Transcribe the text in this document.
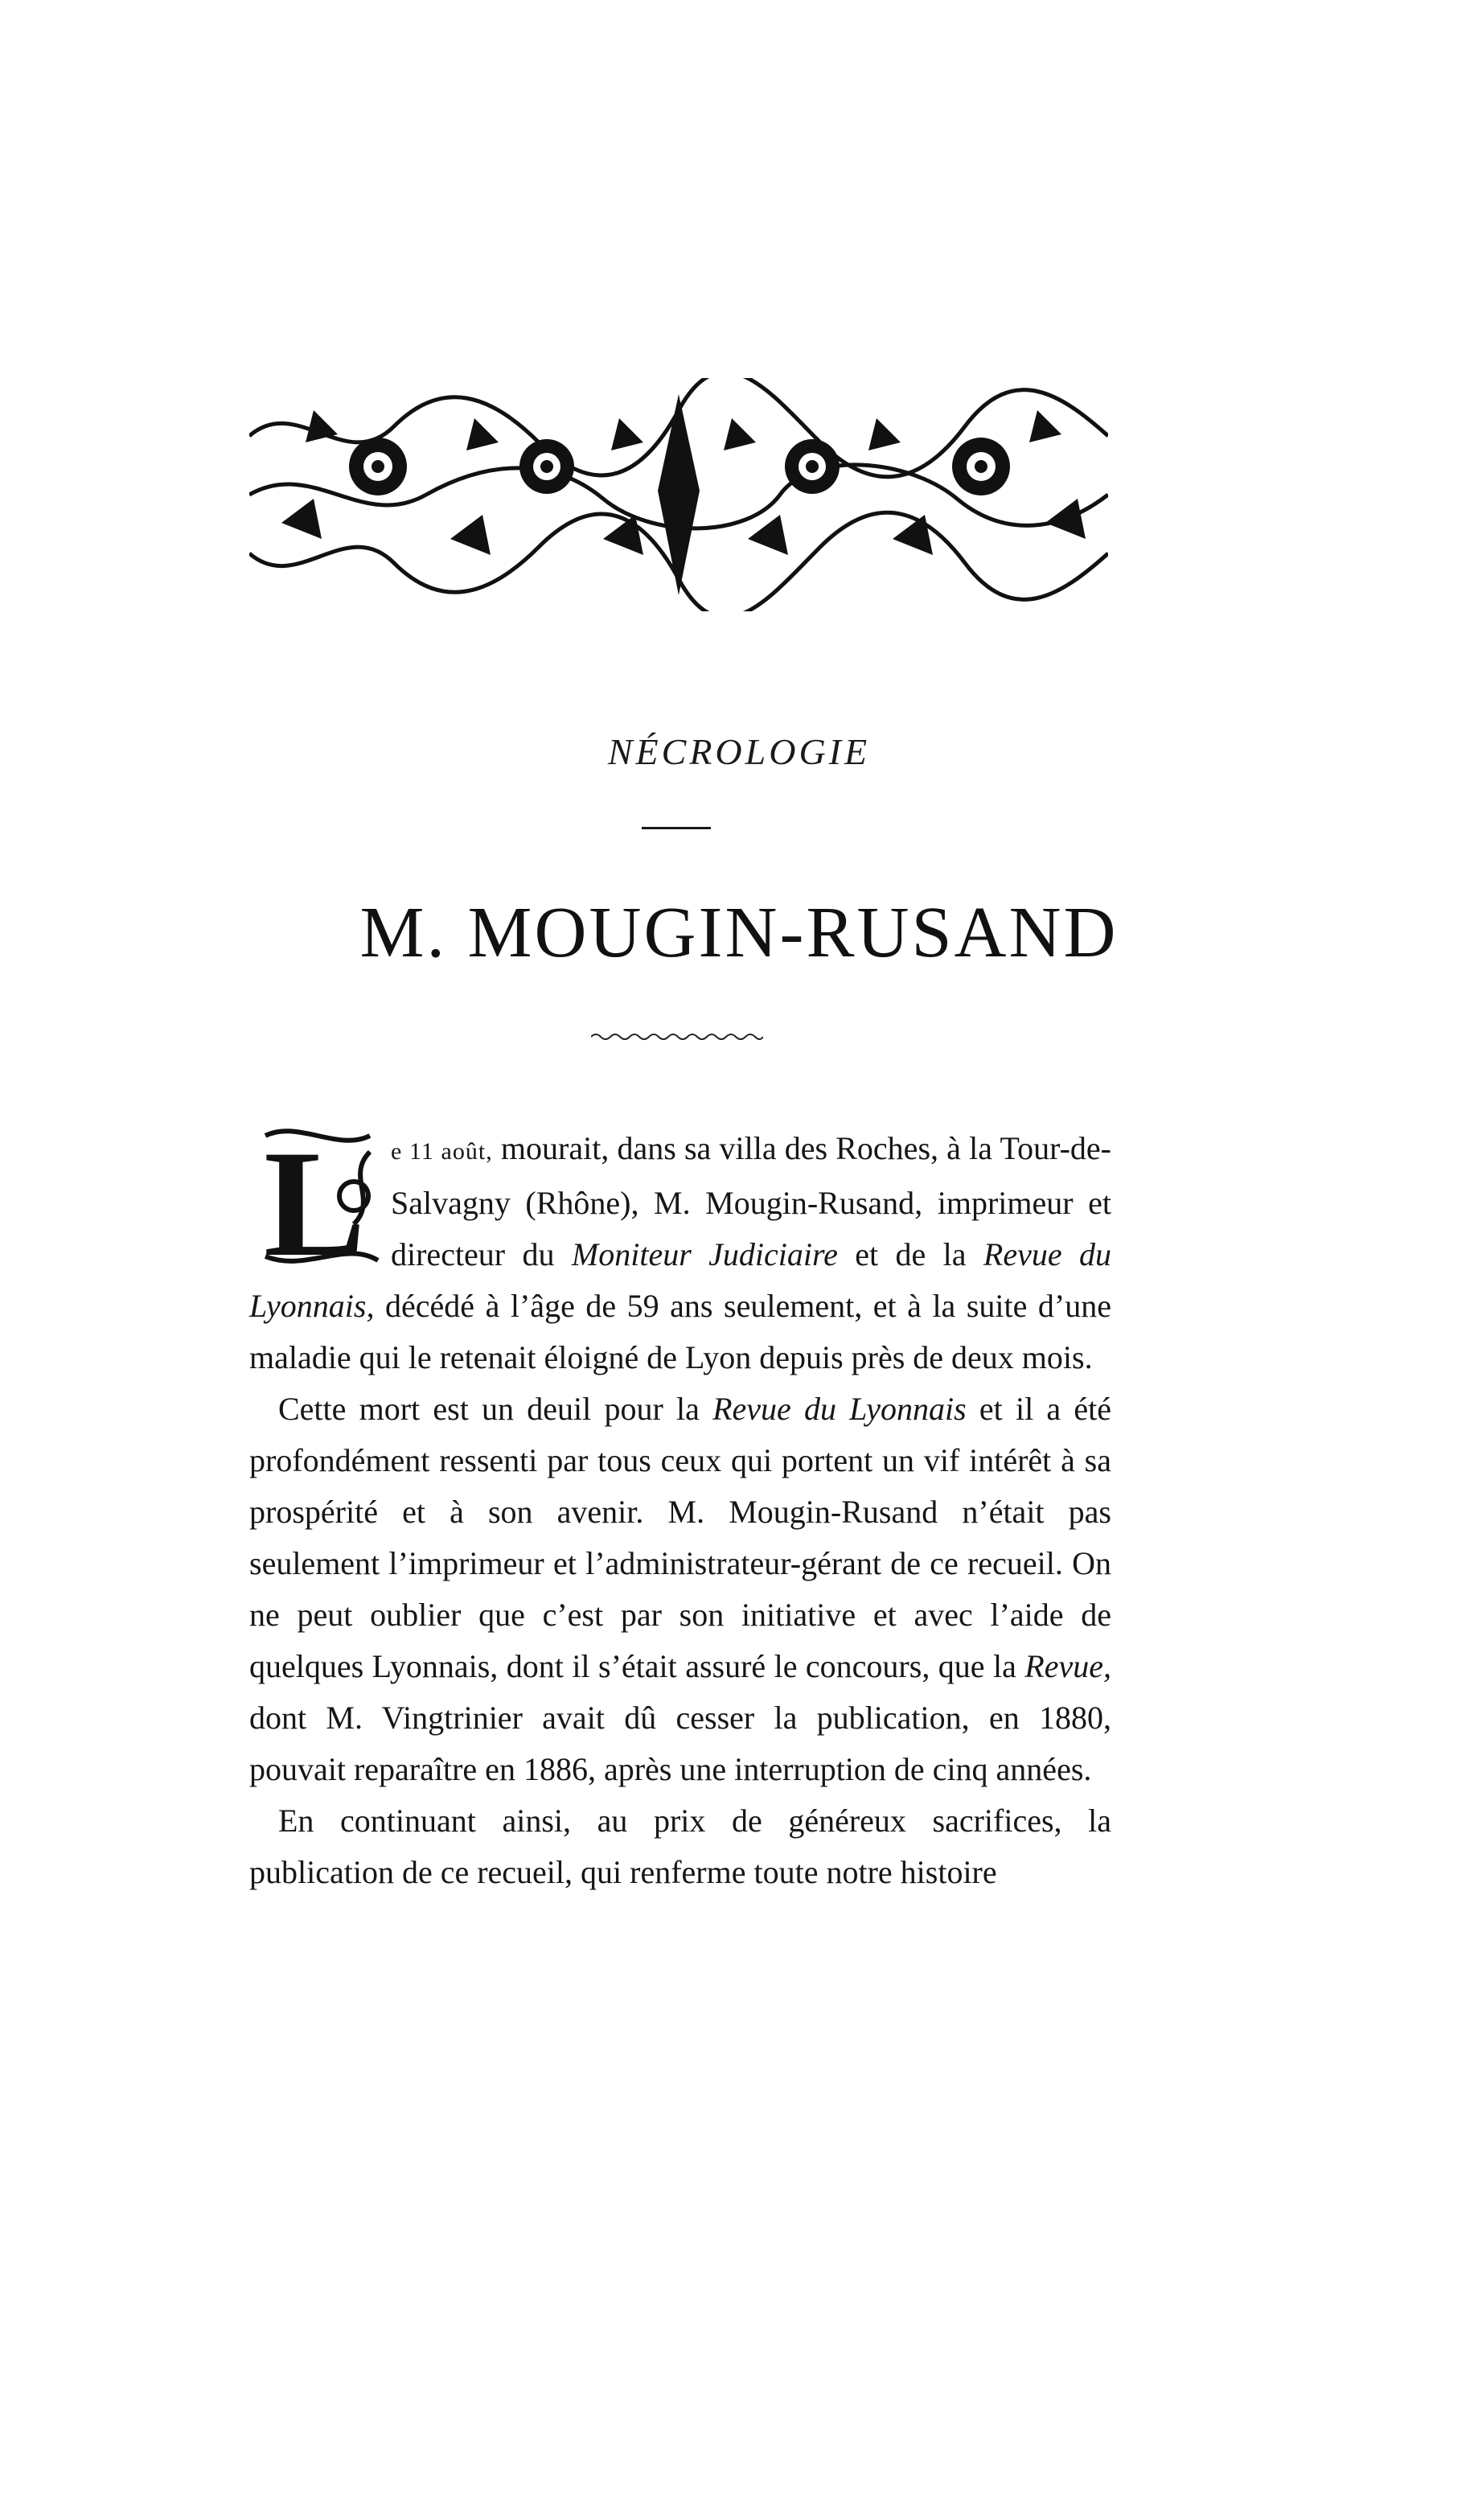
NÉCROLOGIE
M. MOUGIN-RUSAND
L	e 11 août, mourait, dans sa villa des Roches, à la Tour-de-Salvagny (Rhône), M. Mougin-Rusand, imprimeur et directeur du Moniteur Judiciaire et de la Revue du Lyonnais, décédé à l’âge de 59 ans seulement, et à la suite d’une maladie qui le retenait éloigné de Lyon depuis près de deux mois.

Cette mort est un deuil pour la Revue du Lyonnais et il a été profondément ressenti par tous ceux qui portent un vif intérêt à sa prospérité et à son avenir. M. Mougin-Rusand n’était pas seulement l’imprimeur et l’administrateur-gérant de ce recueil. On ne peut oublier que c’est par son initiative et avec l’aide de quelques Lyonnais, dont il s’était assuré le concours, que la Revue, dont M. Vingtrinier avait dû cesser la publication, en 1880, pouvait reparaître en 1886, après une interruption de cinq années.

En continuant ainsi, au prix de généreux sacrifices, la publication de ce recueil, qui renferme toute notre histoire
